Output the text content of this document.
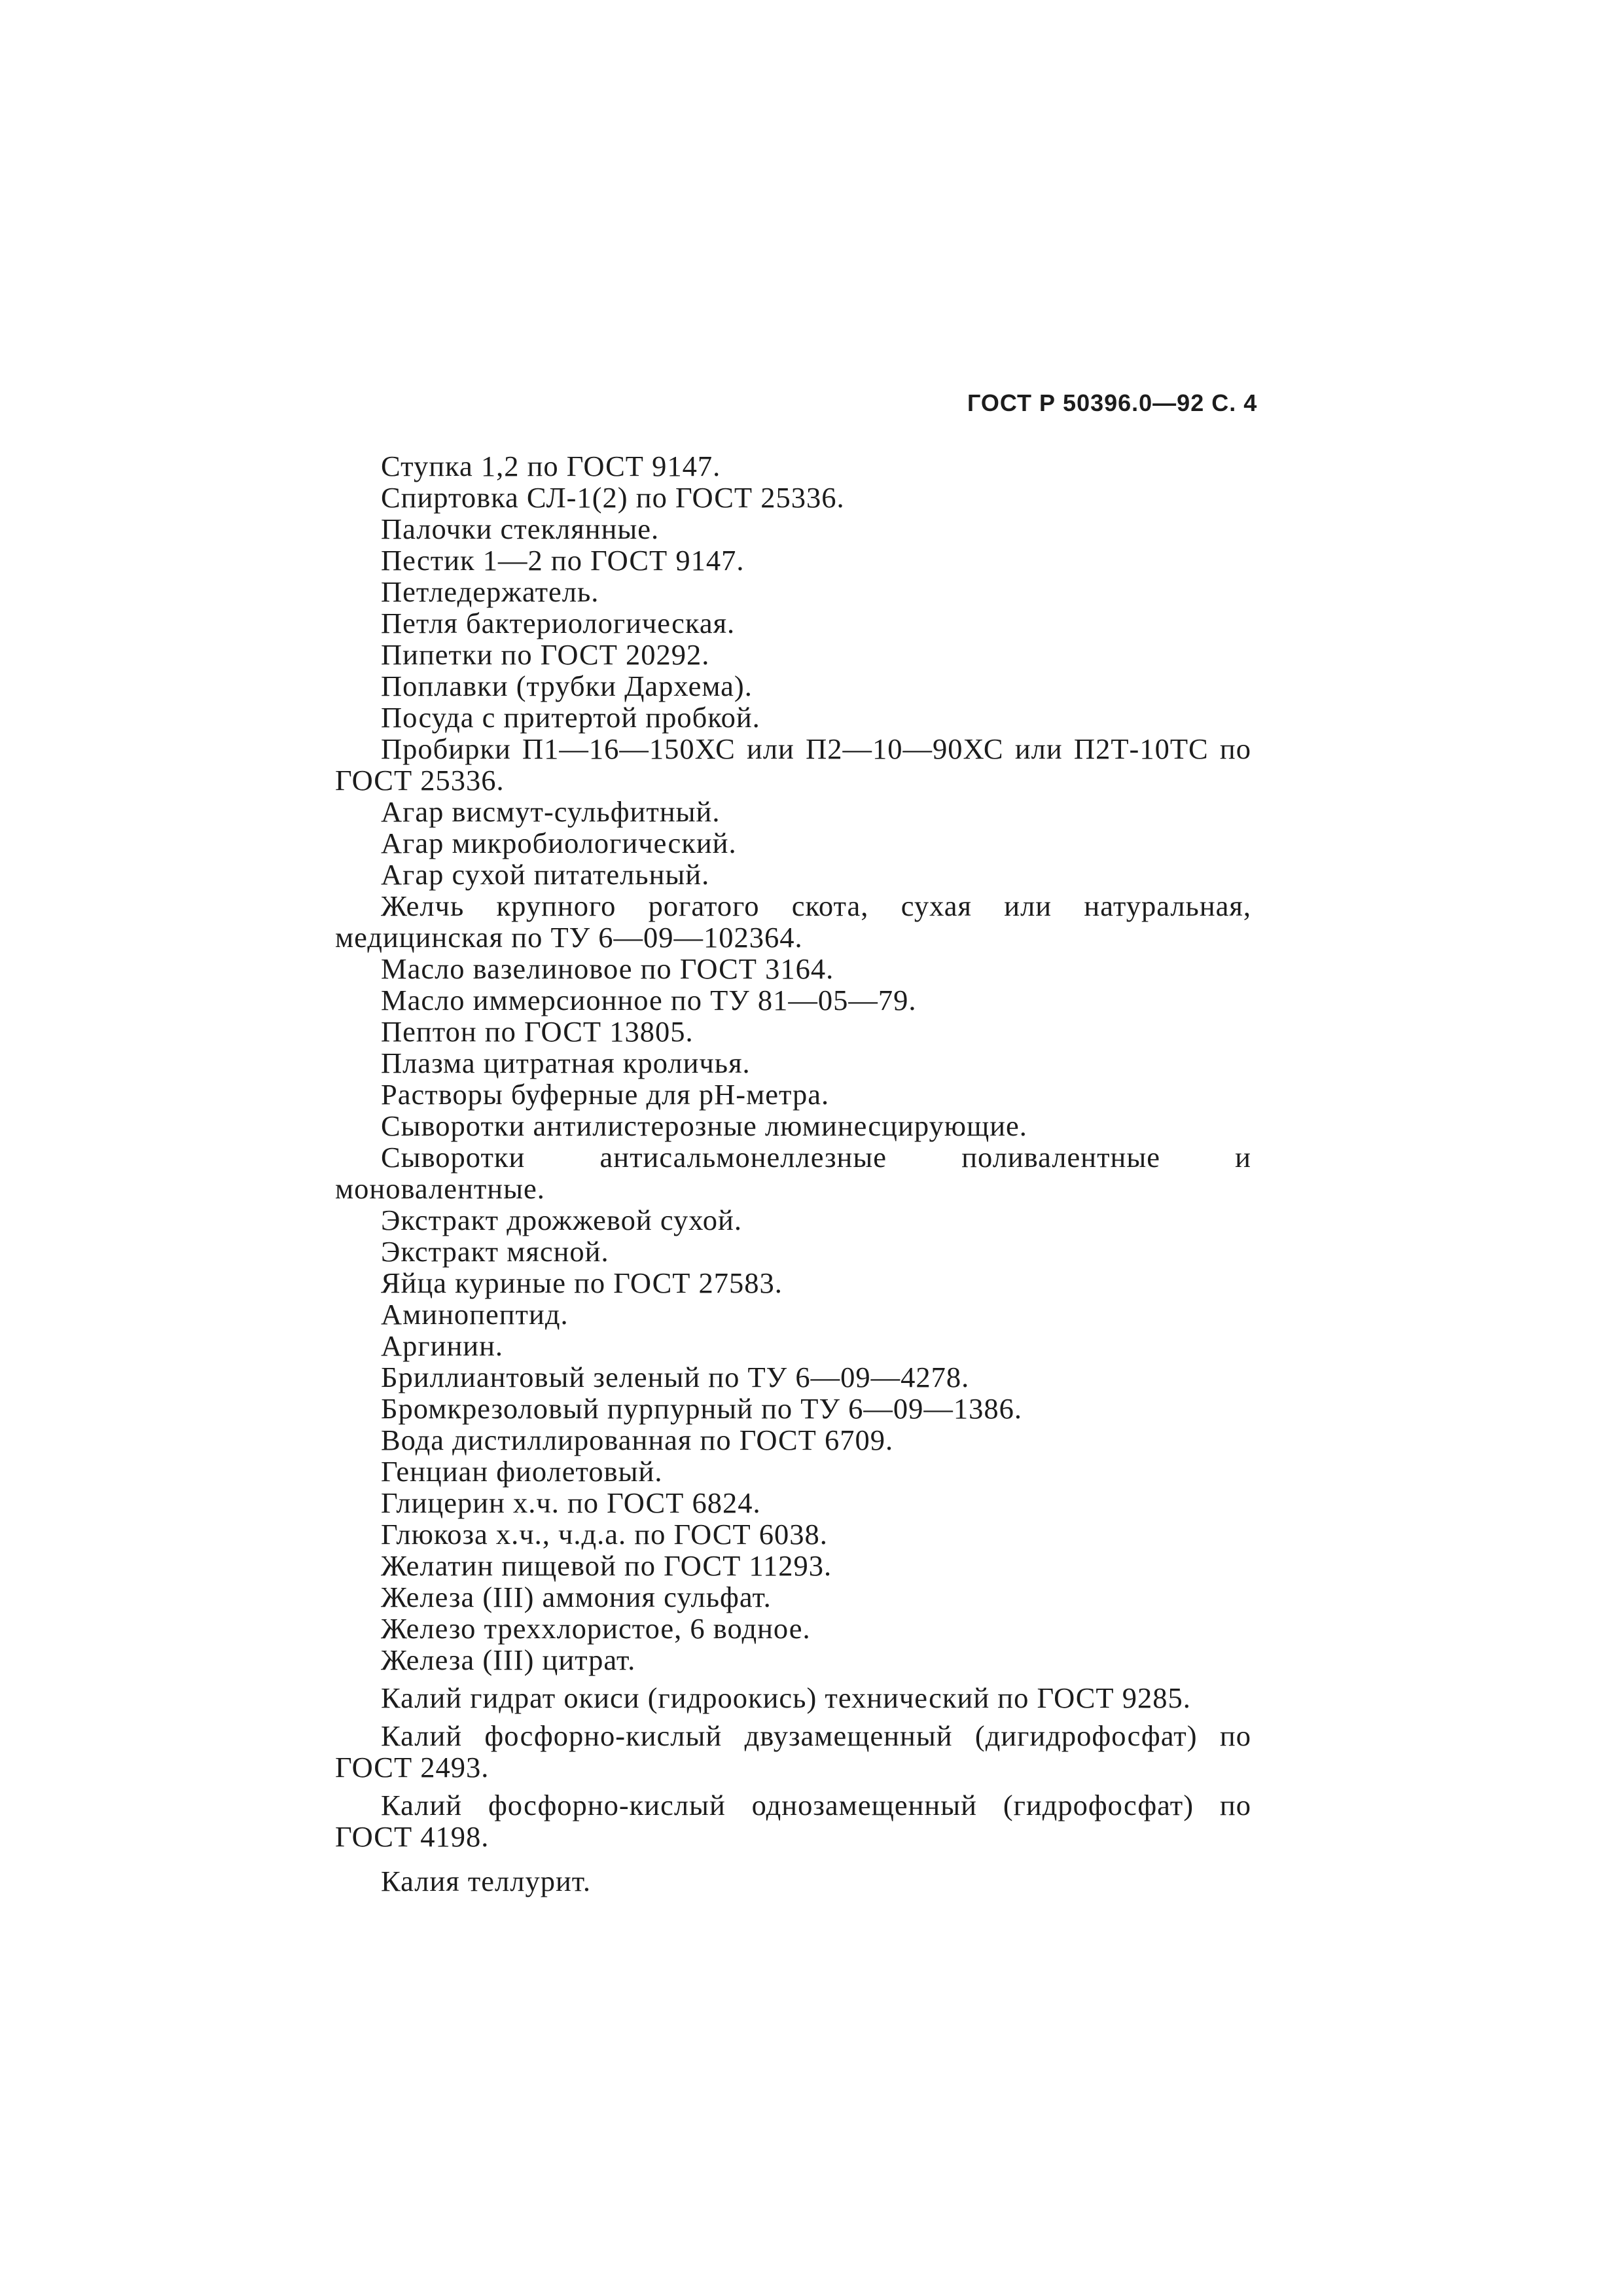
ГОСТ Р 50396.0—92 С. 4
Ступка 1,2 по ГОСТ 9147.
Спиртовка СЛ-1(2) по ГОСТ 25336.
Палочки стеклянные.
Пестик 1—2 по ГОСТ 9147.
Петледержатель.
Петля бактериологическая.
Пипетки по ГОСТ 20292.
Поплавки (трубки Дархема).
Посуда с притертой пробкой.
Пробирки П1—16—150ХС или П2—10—90ХС или П2Т-10ТС по ГОСТ 25336.
Агар висмут-сульфитный.
Агар микробиологический.
Агар сухой питательный.
Желчь крупного рогатого скота, сухая или натуральная, медицинская по ТУ 6—09—102364.
Масло вазелиновое по ГОСТ 3164.
Масло иммерсионное по ТУ 81—05—79.
Пептон по ГОСТ 13805.
Плазма цитратная кроличья.
Растворы буферные для рН-метра.
Сыворотки антилистерозные люминесцирующие.
Сыворотки антисальмонеллезные поливалентные и моновалентные.
Экстракт дрожжевой сухой.
Экстракт мясной.
Яйца куриные по ГОСТ 27583.
Аминопептид.
Аргинин.
Бриллиантовый зеленый по ТУ 6—09—4278.
Бромкрезоловый пурпурный по ТУ 6—09—1386.
Вода дистиллированная по ГОСТ 6709.
Генциан фиолетовый.
Глицерин х.ч. по ГОСТ 6824.
Глюкоза х.ч., ч.д.а. по ГОСТ 6038.
Желатин пищевой по ГОСТ 11293.
Железа (III) аммония сульфат.
Железо треххлористое, 6 водное.
Железа (III) цитрат.
Калий гидрат окиси (гидроокись) технический по ГОСТ 9285.
Калий фосфорно-кислый двузамещенный (дигидрофосфат) по ГОСТ 2493.
Калий фосфорно-кислый однозамещенный (гидрофосфат) по ГОСТ 4198.
Калия теллурит.
